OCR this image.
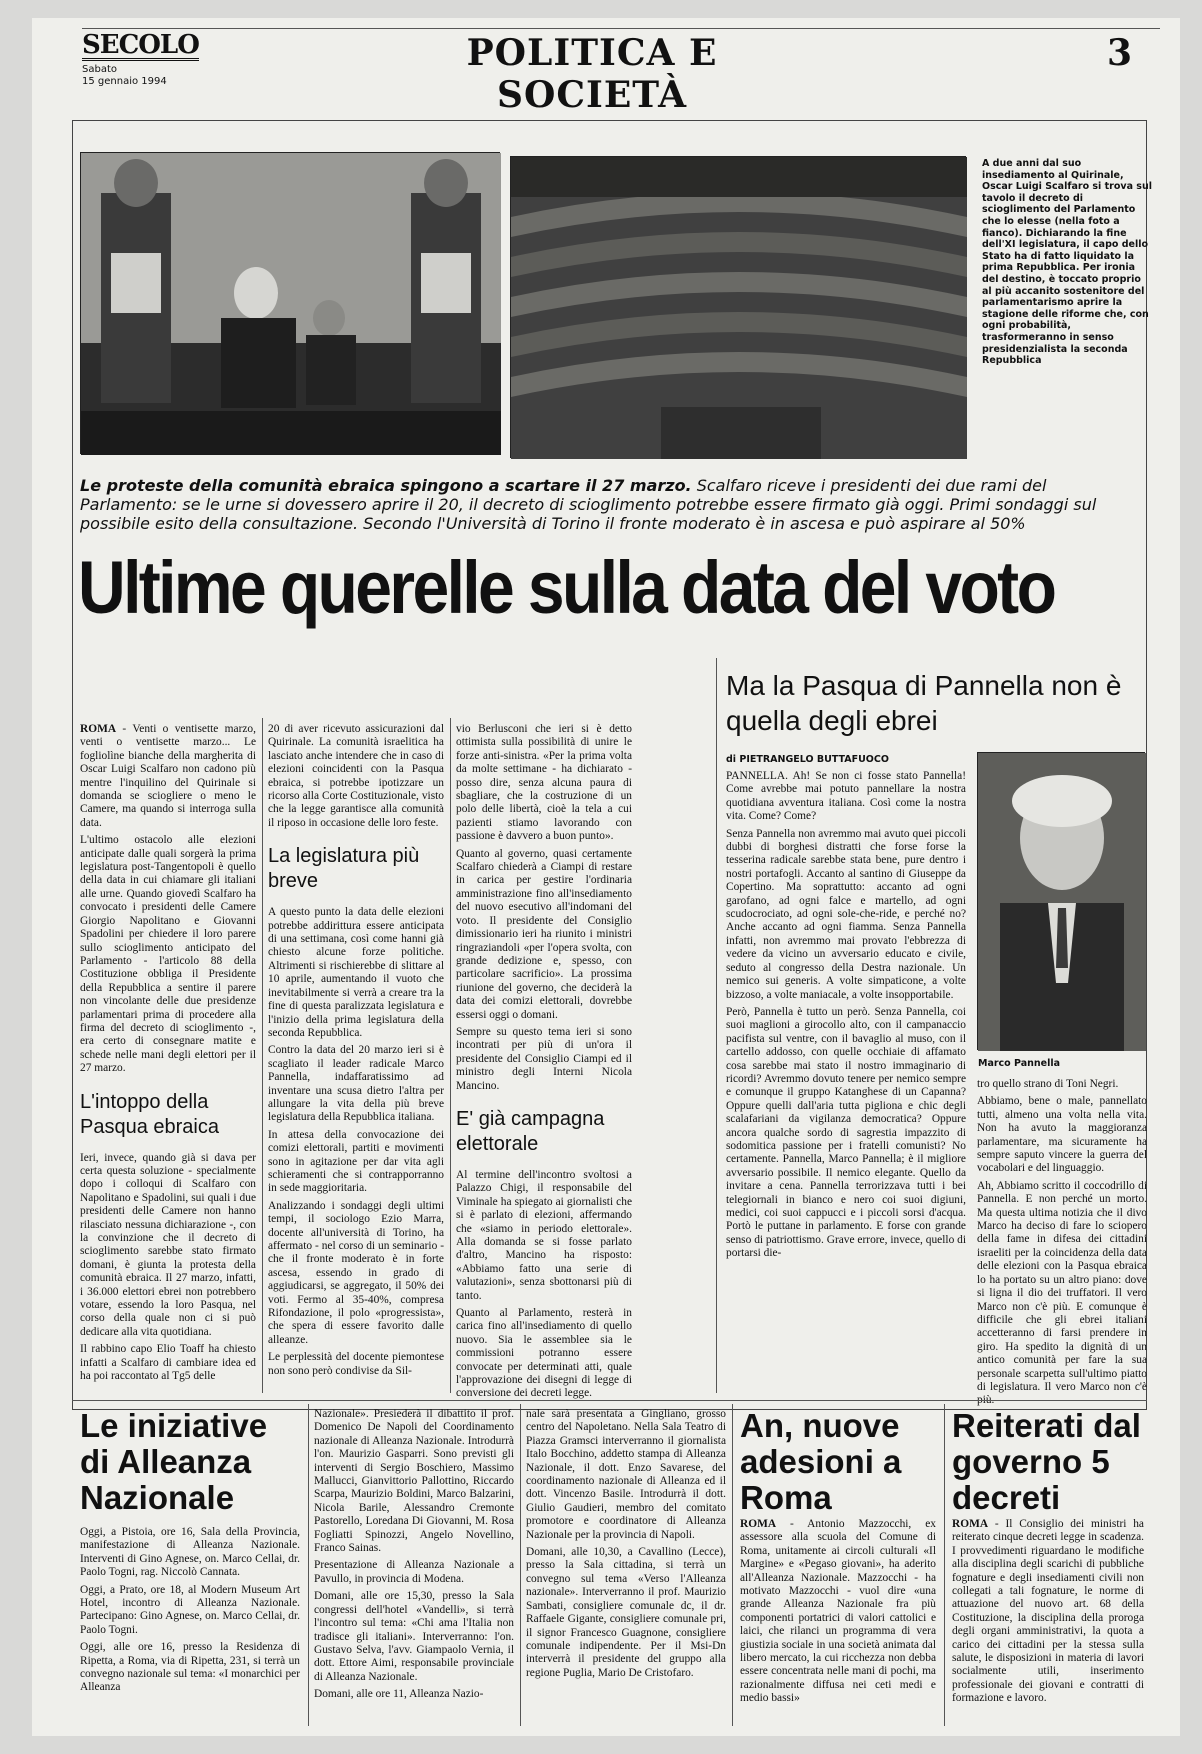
SECOLO
Sabato
15 gennaio 1994
POLITICA E SOCIETÀ
3
A due anni dal suo insediamento al Quirinale, Oscar Luigi Scalfaro si trova sul tavolo il decreto di scioglimento del Parlamento che lo elesse (nella foto a fianco). Dichiarando la fine dell'XI legislatura, il capo dello Stato ha di fatto liquidato la prima Repubblica. Per ironia del destino, è toccato proprio al più accanito sostenitore del parlamentarismo aprire la stagione delle riforme che, con ogni probabilità, trasformeranno in senso presidenzialista la seconda Repubblica
Le proteste della comunità ebraica spingono a scartare il 27 marzo. Scalfaro riceve i presidenti dei due rami del Parlamento: se le urne si dovessero aprire il 20, il decreto di scioglimento potrebbe essere firmato già oggi. Primi sondaggi sul possibile esito della consultazione. Secondo l'Università di Torino il fronte moderato è in ascesa e può aspirare al 50%
Ultime querelle sulla data del voto

ROMA - Venti o ventisette marzo, venti o ventisette marzo... Le fogliolìne bianche della margherita di Oscar Luigi Scalfaro non cadono più mentre l'inquilino del Quirinale si domanda se sciogliere o meno le Camere, ma quando si interroga sulla data.

L'ultimo ostacolo alle elezioni anticipate dalle quali sorgerà la prima legislatura post-Tangentopoli è quello della data in cui chiamare gli italiani alle urne. Quando giovedì Scalfaro ha convocato i presidenti delle Camere Giorgio Napolitano e Giovanni Spadolini per chiedere il loro parere sullo scioglimento anticipato del Parlamento - l'articolo 88 della Costituzione obbliga il Presidente della Repubblica a sentire il parere non vincolante delle due presidenze parlamentari prima di procedere alla firma del decreto di scioglimento -, era certo di consegnare matite e schede nelle mani degli elettori per il 27 marzo.

L'intoppo della Pasqua ebraica

Ieri, invece, quando già si dava per certa questa soluzione - specialmente dopo i colloqui di Scalfaro con Napolitano e Spadolini, sui quali i due presidenti delle Camere non hanno rilasciato nessuna dichiarazione -, con la convinzione che il decreto di scioglimento sarebbe stato firmato domani, è giunta la protesta della comunità ebraica. Il 27 marzo, infatti, i 36.000 elettori ebrei non potrebbero votare, essendo la loro Pasqua, nel corso della quale non ci si può dedicare alla vita quotidiana.

Il rabbino capo Elio Toaff ha chiesto infatti a Scalfaro di cambiare idea ed ha poi raccontato al Tg5 delle

20 di aver ricevuto assicurazioni dal Quirinale. La comunità israelitica ha lasciato anche intendere che in caso di elezioni coincidenti con la Pasqua ebraica, si potrebbe ipotizzare un ricorso alla Corte Costituzionale, visto che la legge garantisce alla comunità il riposo in occasione delle loro feste.

La legislatura più breve

A questo punto la data delle elezioni potrebbe addirittura essere anticipata di una settimana, così come hanni già chiesto alcune forze politiche. Altrimenti si rischierebbe di slittare al 10 aprile, aumentando il vuoto che inevitabilmente si verrà a creare tra la fine di questa paralizzata legislatura e l'inizio della prima legislatura della seconda Repubblica.

Contro la data del 20 marzo ieri si è scagliato il leader radicale Marco Pannella, indaffaratissimo ad inventare una scusa dietro l'altra per allungare la vita della più breve legislatura della Repubblica italiana.

In attesa della convocazione dei comizi elettorali, partiti e movimenti sono in agitazione per dar vita agli schieramenti che si contrapporranno in sede maggioritaria.

Analizzando i sondaggi degli ultimi tempi, il sociologo Ezio Marra, docente all'università di Torino, ha affermato - nel corso di un seminario - che il fronte moderato è in forte ascesa, essendo in grado di aggiudicarsi, se aggregato, il 50% dei voti. Fermo al 35-40%, compresa Rifondazione, il polo «progressista», che spera di essere favorito dalle alleanze.

Le perplessità del docente piemontese non sono però condivise da Sil-

vio Berlusconi che ieri si è detto ottimista sulla possibilità di unire le forze anti-sinistra. «Per la prima volta da molte settimane - ha dichiarato - posso dire, senza alcuna paura di sbagliare, che la costruzione di un polo delle libertà, cioè la tela a cui pazienti stiamo lavorando con passione è davvero a buon punto».

Quanto al governo, quasi certamente Scalfaro chiederà a Ciampi di restare in carica per gestire l'ordinaria amministrazione fino all'insediamento del nuovo esecutivo all'indomani del voto. Il presidente del Consiglio dimissionario ieri ha riunito i ministri ringraziandoli «per l'opera svolta, con grande dedizione e, spesso, con particolare sacrificio». La prossima riunione del governo, che deciderà la data dei comizi elettorali, dovrebbe essersi oggi o domani.

Sempre su questo tema ieri si sono incontrati per più di un'ora il presidente del Consiglio Ciampi ed il ministro degli Interni Nicola Mancino.

E' già campagna elettorale

Al termine dell'incontro svoltosi a Palazzo Chigi, il responsabile del Viminale ha spiegato ai giornalisti che si è parlato di elezioni, affermando che «siamo in periodo elettorale». Alla domanda se si fosse parlato d'altro, Mancino ha risposto: «Abbiamo fatto una serie di valutazioni», senza sbottonarsi più di tanto.

Quanto al Parlamento, resterà in carica fino all'insediamento di quello nuovo. Sia le assemblee sia le commissioni potranno essere convocate per determinati atti, quale l'approvazione dei disegni di legge di conversione dei decreti legge.

Ma la Pasqua di Pannella non è quella degli ebrei
di PIETRANGELO BUTTAFUOCO

PANNELLA. Ah! Se non ci fosse stato Pannella! Come avrebbe mai potuto pannellare la nostra quotidiana avventura italiana. Così come la nostra vita. Come? Come?

Senza Pannella non avremmo mai avuto quei piccoli dubbi di borghesi distratti che forse forse la tesserina radicale sarebbe stata bene, pure dentro i nostri portafogli. Accanto al santino di Giuseppe da Copertino. Ma soprattutto: accanto ad ogni garofano, ad ogni falce e martello, ad ogni scudocrociato, ad ogni sole-che-ride, e perché no? Anche accanto ad ogni fiamma. Senza Pannella infatti, non avremmo mai provato l'ebbrezza di vedere da vicino un avversario educato e civile, seduto al congresso della Destra nazionale. Un nemico sui generis. A volte simpaticone, a volte bizzoso, a volte maniacale, a volte insopportabile.

Però, Pannella è tutto un però. Senza Pannella, coi suoi maglioni a girocollo alto, con il campanaccio pacifista sul ventre, con il bavaglio al muso, con il cartello addosso, con quelle occhiaie di affamato cosa sarebbe mai stato il nostro immaginario di ricordi? Avremmo dovuto tenere per nemico sempre e comunque il gruppo Katanghese di un Capanna? Oppure quelli dall'aria tutta pigliona e chic degli scalafariani da vigilanza democratica? Oppure ancora qualche sordo di sagrestia impazzito di sodomitica passione per i fratelli comunisti? No certamente. Pannella, Marco Pannella; è il migliore avversario possibile. Il nemico elegante. Quello da invitare a cena. Pannella terrorizzava tutti i bei telegiornali in bianco e nero coi suoi digiuni, medici, coi suoi cappucci e i piccoli sorsi d'acqua. Portò le puttane in parlamento. E forse con grande senso di patriottismo. Grave errore, invece, quello di portarsi die-

Marco Pannella

tro quello strano di Toni Negri.

Abbiamo, bene o male, pannellato tutti, almeno una volta nella vita. Non ha avuto la maggioranza parlamentare, ma sicuramente ha sempre saputo vincere la guerra del vocabolari e del linguaggio.

Ah, Abbiamo scritto il coccodrillo di Pannella. E non perché un morto. Ma questa ultima notizia che il divo Marco ha deciso di fare lo sciopero della fame in difesa dei cittadini israeliti per la coincidenza della data delle elezioni con la Pasqua ebraica lo ha portato su un altro piano: dove si ligna il dio dei truffatori. Il vero Marco non c'è più. E comunque è difficile che gli ebrei italiani accetteranno di farsi prendere in giro. Ha spedito la dignità di un antico comunità per fare la sua personale scarpetta sull'ultimo piatto di legislatura. Il vero Marco non c'è più.

Le iniziative di Alleanza Nazionale

Oggi, a Pistoia, ore 16, Sala della Provincia, manifestazione di Alleanza Nazionale. Interventi di Gino Agnese, on. Marco Cellai, dr. Paolo Togni, rag. Niccolò Cannata.

Oggi, a Prato, ore 18, al Modern Museum Art Hotel, incontro di Alleanza Nazionale. Partecipano: Gino Agnese, on. Marco Cellai, dr. Paolo Togni.

Oggi, alle ore 16, presso la Residenza di Ripetta, a Roma, via di Ripetta, 231, si terrà un convegno nazionale sul tema: «I monarchici per Alleanza

Nazionale». Presiederà il dibattito il prof. Domenico De Napoli del Coordinamento nazionale di Alleanza Nazionale. Introdurrà l'on. Maurizio Gasparri. Sono previsti gli interventi di Sergio Boschiero, Massimo Mallucci, Gianvittorio Pallottino, Riccardo Scarpa, Maurizio Boldini, Marco Balzarini, Nicola Barile, Alessandro Cremonte Pastorello, Loredana Di Giovanni, M. Rosa Fogliatti Spinozzi, Angelo Novellino, Franco Sainas.

Presentazione di Alleanza Nazionale a Pavullo, in provincia di Modena.

Domani, alle ore 15,30, presso la Sala congressi dell'hotel «Vandelli», si terrà l'incontro sul tema: «Chi ama l'Italia non tradisce gli italiani». Interverranno: l'on. Gustavo Selva, l'avv. Giampaolo Vernia, il dott. Ettore Aimi, responsabile provinciale di Alleanza Nazionale.

Domani, alle ore 11, Alleanza Nazio-

nale sarà presentata a Gingliano, grosso centro del Napoletano. Nella Sala Teatro di Piazza Gramsci interverranno il giornalista Italo Bocchino, addetto stampa di Alleanza Nazionale, il dott. Enzo Savarese, del coordinamento nazionale di Alleanza ed il dott. Vincenzo Basile. Introdurrà il dott. Giulio Gaudieri, membro del comitato promotore e coordinatore di Alleanza Nazionale per la provincia di Napoli.

Domani, alle 10,30, a Cavallino (Lecce), presso la Sala cittadina, si terrà un convegno sul tema «Verso l'Alleanza nazionale». Interverranno il prof. Maurizio Sambati, consigliere comunale dc, il dr. Raffaele Gigante, consigliere comunale pri, il signor Francesco Guagnone, consigliere comunale indipendente. Per il Msi-Dn interverrà il presidente del gruppo alla regione Puglia, Mario De Cristofaro.

An, nuove adesioni a Roma

ROMA - Antonio Mazzocchi, ex assessore alla scuola del Comune di Roma, unitamente ai circoli culturali «Il Margine» e «Pegaso giovani», ha aderito all'Alleanza Nazionale. Mazzocchi - ha motivato Mazzocchi - vuol dire «una grande Alleanza Nazionale fra più componenti portatrici di valori cattolici e laici, che rilanci un programma di vera giustizia sociale in una società animata dal libero mercato, la cui ricchezza non debba essere concentrata nelle mani di pochi, ma razionalmente diffusa nei ceti medi e medio bassi»

Reiterati dal governo 5 decreti

ROMA - Il Consiglio dei ministri ha reiterato cinque decreti legge in scadenza. I provvedimenti riguardano le modifiche alla disciplina degli scarichi di pubbliche fognature e degli insediamenti civili non collegati a tali fognature, le norme di attuazione del nuovo art. 68 della Costituzione, la disciplina della proroga degli organi amministrativi, la quota a carico dei cittadini per la stessa sulla salute, le disposizioni in materia di lavori socialmente utili, inserimento professionale dei giovani e contratti di formazione e lavoro.
